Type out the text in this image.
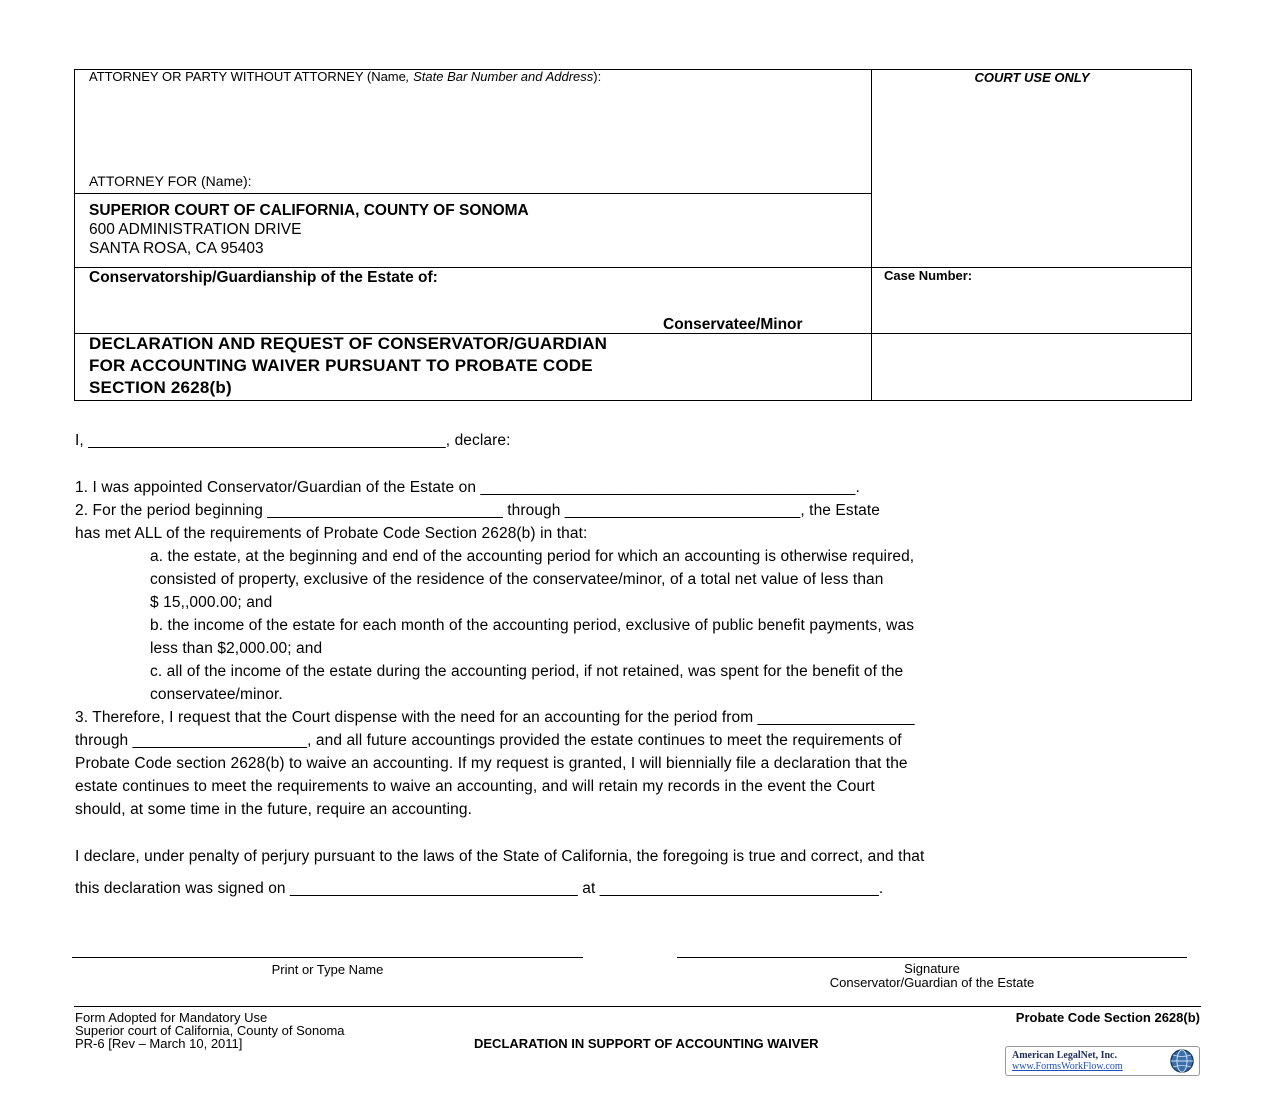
ATTORNEY OR PARTY WITHOUT ATTORNEY (Name, State Bar Number and Address):	COURT USE ONLY
ATTORNEY FOR (Name):
SUPERIOR COURT OF CALIFORNIA, COUNTY OF SONOMA
600 ADMINISTRATION DRIVE
SANTA ROSA, CA 95403
Conservatorship/Guardianship of the Estate of:
Conservatee/Minor
Case Number:
DECLARATION AND REQUEST OF CONSERVATOR/GUARDIAN
FOR ACCOUNTING WAIVER PURSUANT TO PROBATE CODE
SECTION 2628(b)
I, _________________________________________, declare:
1. I was appointed Conservator/Guardian of the Estate on ___________________________________________.
2. For the period beginning ___________________________ through ___________________________, the Estate
has met ALL of the requirements of Probate Code Section 2628(b) in that:
a. the estate, at the beginning and end of the accounting period for which an accounting is otherwise required,
consisted of property, exclusive of the residence of the conservatee/minor, of a total net value of less than
$ 15,,000.00; and
b. the income of the estate for each month of the accounting period, exclusive of public benefit payments, was
less than $2,000.00; and
c. all of the income of the estate during the accounting period, if not retained, was spent for the benefit of the
conservatee/minor.
3. Therefore, I request that the Court dispense with the need for an accounting for the period from __________________
through ____________________, and all future accountings provided the estate continues to meet the requirements of
Probate Code section 2628(b) to waive an accounting. If my request is granted, I will biennially file a declaration that the
estate continues to meet the requirements to waive an accounting, and will retain my records in the event the Court
should, at some time in the future, require an accounting.
I declare, under penalty of perjury pursuant to the laws of the State of California, the foregoing is true and correct, and that
this declaration was signed on _________________________________ at ________________________________.
Print or Type Name	Signature
Conservator/Guardian of the Estate
Form Adopted for Mandatory Use
Superior court of California, County of Sonoma
PR-6 [Rev – March 10, 2011]	DECLARATION IN SUPPORT OF ACCOUNTING WAIVER
Probate Code Section 2628(b)
American LegalNet, Inc.
www.FormsWorkFlow.com
